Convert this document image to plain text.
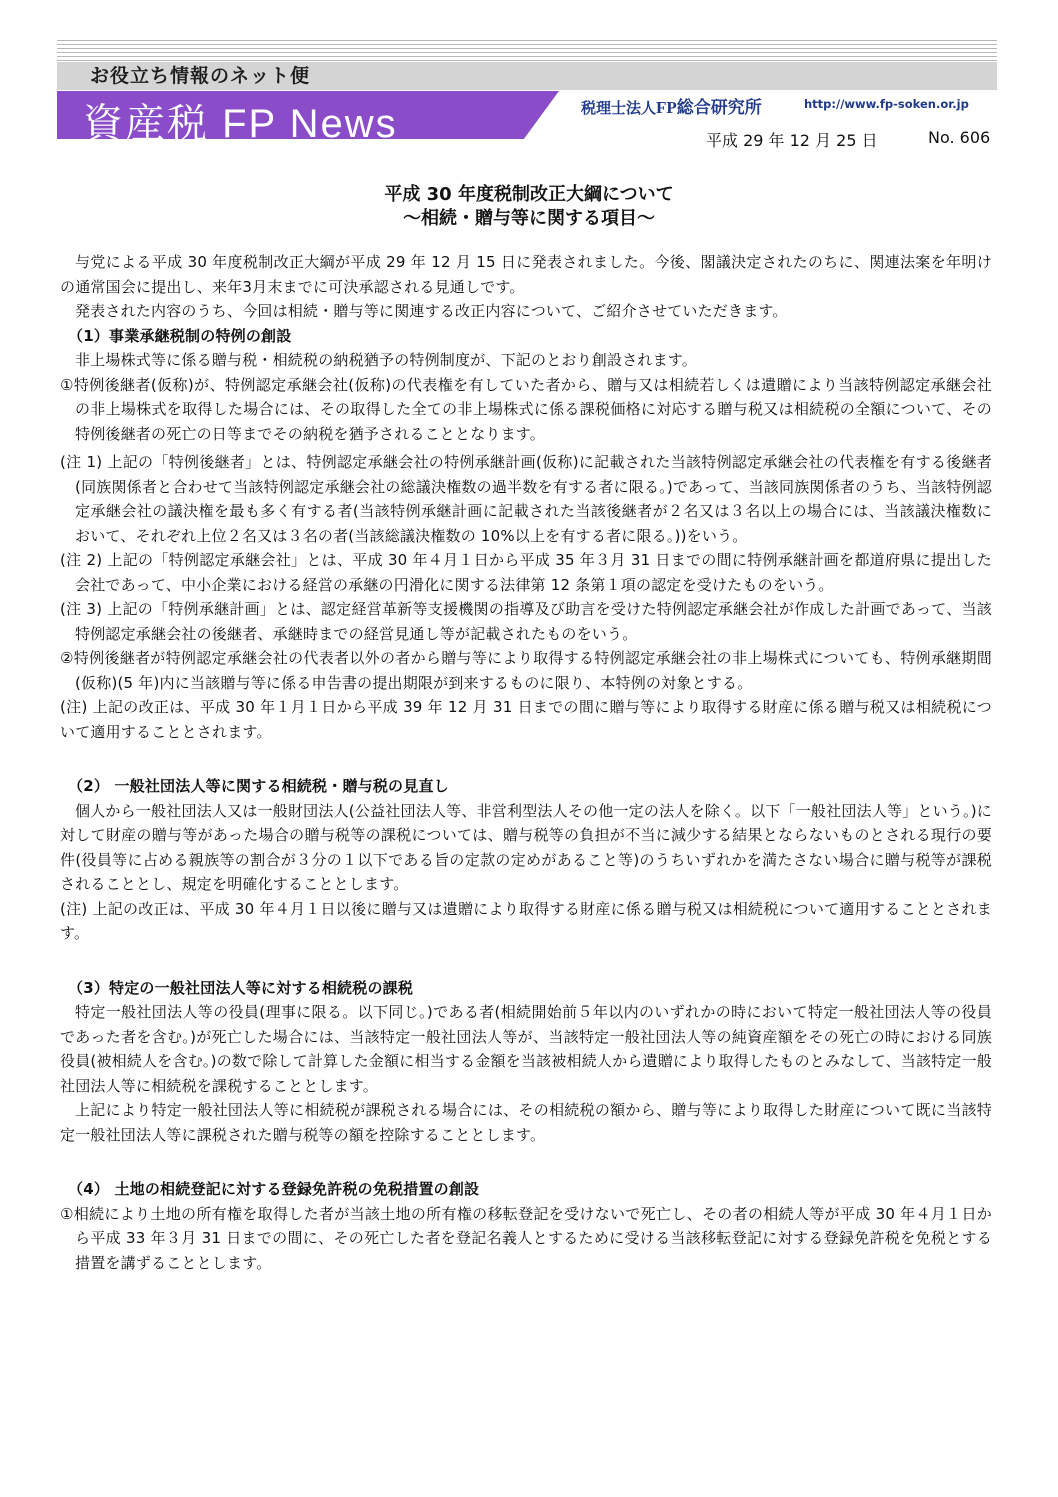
お役立ち情報のネット便
資産税 FP News	税理士法人FP総合研究所	http://www.fp-soken.or.jp
平成 29 年 12 月 25 日	No. 606
平成 30 年度税制改正大綱について
～相続・贈与等に関する項目～

与党による平成 30 年度税制改正大綱が平成 29 年 12 月 15 日に発表されました。今後、閣議決定されたのちに、関連法案を年明けの通常国会に提出し、来年3月末までに可決承認される見通しです。

発表された内容のうち、今回は相続・贈与等に関連する改正内容について、ご紹介させていただきます。

（1）事業承継税制の特例の創設

非上場株式等に係る贈与税・相続税の納税猶予の特例制度が、下記のとおり創設されます。

①特例後継者(仮称)が、特例認定承継会社(仮称)の代表権を有していた者から、贈与又は相続若しくは遺贈により当該特例認定承継会社の非上場株式を取得した場合には、その取得した全ての非上場株式に係る課税価格に対応する贈与税又は相続税の全額について、その特例後継者の死亡の日等までその納税を猶予されることとなります。

(注 1) 上記の「特例後継者」とは、特例認定承継会社の特例承継計画(仮称)に記載された当該特例認定承継会社の代表権を有する後継者(同族関係者と合わせて当該特例認定承継会社の総議決権数の過半数を有する者に限る。)であって、当該同族関係者のうち、当該特例認定承継会社の議決権を最も多く有する者(当該特例承継計画に記載された当該後継者が２名又は３名以上の場合には、当該議決権数において、それぞれ上位２名又は３名の者(当該総議決権数の 10%以上を有する者に限る。))をいう。

(注 2) 上記の「特例認定承継会社」とは、平成 30 年４月１日から平成 35 年３月 31 日までの間に特例承継計画を都道府県に提出した会社であって、中小企業における経営の承継の円滑化に関する法律第 12 条第１項の認定を受けたものをいう。

(注 3) 上記の「特例承継計画」とは、認定経営革新等支援機関の指導及び助言を受けた特例認定承継会社が作成した計画であって、当該特例認定承継会社の後継者、承継時までの経営見通し等が記載されたものをいう。

②特例後継者が特例認定承継会社の代表者以外の者から贈与等により取得する特例認定承継会社の非上場株式についても、特例承継期間(仮称)(5 年)内に当該贈与等に係る申告書の提出期限が到来するものに限り、本特例の対象とする。

(注) 上記の改正は、平成 30 年１月１日から平成 39 年 12 月 31 日までの間に贈与等により取得する財産に係る贈与税又は相続税について適用することとされます。

（2） 一般社団法人等に関する相続税・贈与税の見直し

個人から一般社団法人又は一般財団法人(公益社団法人等、非営利型法人その他一定の法人を除く。以下「一般社団法人等」という。)に対して財産の贈与等があった場合の贈与税等の課税については、贈与税等の負担が不当に減少する結果とならないものとされる現行の要件(役員等に占める親族等の割合が３分の１以下である旨の定款の定めがあること等)のうちいずれかを満たさない場合に贈与税等が課税されることとし、規定を明確化することとします。

(注) 上記の改正は、平成 30 年４月１日以後に贈与又は遺贈により取得する財産に係る贈与税又は相続税について適用することとされます。

（3）特定の一般社団法人等に対する相続税の課税

特定一般社団法人等の役員(理事に限る。以下同じ。)である者(相続開始前５年以内のいずれかの時において特定一般社団法人等の役員であった者を含む。)が死亡した場合には、当該特定一般社団法人等が、当該特定一般社団法人等の純資産額をその死亡の時における同族役員(被相続人を含む。)の数で除して計算した金額に相当する金額を当該被相続人から遺贈により取得したものとみなして、当該特定一般社団法人等に相続税を課税することとします。

上記により特定一般社団法人等に相続税が課税される場合には、その相続税の額から、贈与等により取得した財産について既に当該特定一般社団法人等に課税された贈与税等の額を控除することとします。

（4） 土地の相続登記に対する登録免許税の免税措置の創設

①相続により土地の所有権を取得した者が当該土地の所有権の移転登記を受けないで死亡し、その者の相続人等が平成 30 年４月１日から平成 33 年３月 31 日までの間に、その死亡した者を登記名義人とするために受ける当該移転登記に対する登録免許税を免税とする措置を講ずることとします。
